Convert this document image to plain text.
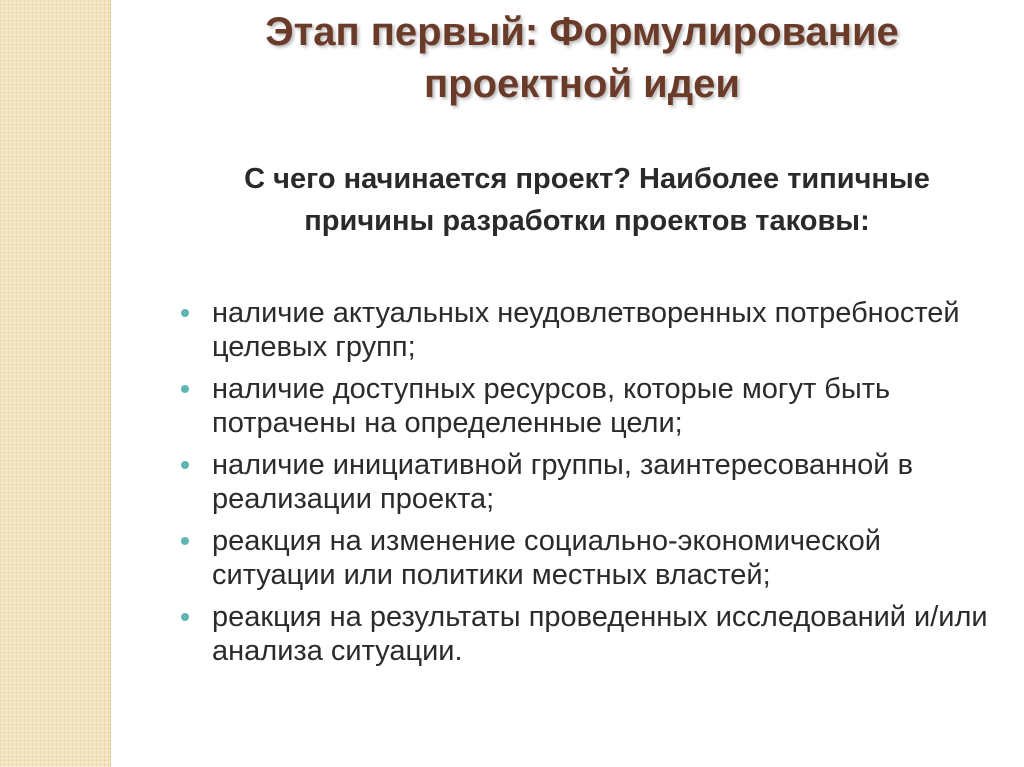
Этап первый: Формулирование
проектной идеи
С чего начинается проект? Наиболее типичные
причины разработки проектов таковы:
наличие актуальных неудовлетворенных потребностей целевых групп;
наличие доступных ресурсов, которые могут быть потрачены на определенные цели;
наличие инициативной группы, заинтересованной в реализации проекта;
реакция на изменение социально-экономической ситуации или политики местных властей;
реакция на результаты проведенных исследований и/или анализа ситуации.
